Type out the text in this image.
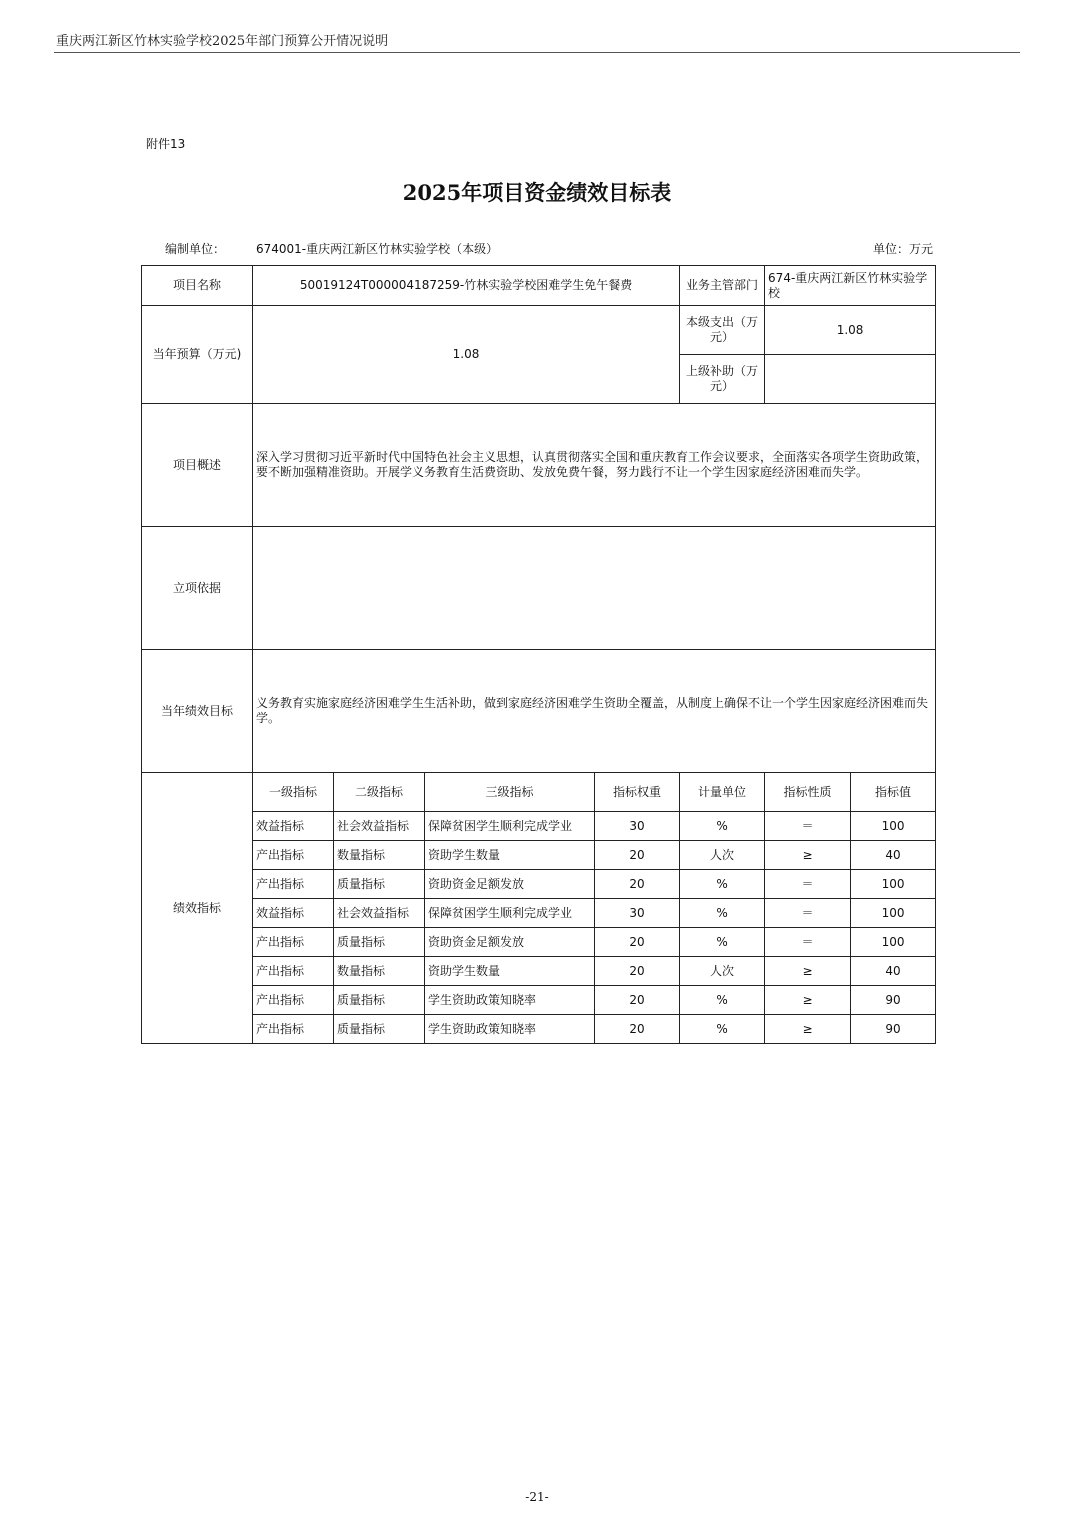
重庆两江新区竹林实验学校2025年部门预算公开情况说明
附件13
2025年项目资金绩效目标表
编制单位：	674001-重庆两江新区竹林实验学校（本级）	单位：万元
项目名称	50019124T000004187259-竹林实验学校困难学生免午餐费				业务主管部门	674-重庆两江新区竹林实验学校	
当年预算（万元)	1.08				本级支出（万元）	1.08	
					上级补助（万元）		
项目概述	深入学习贯彻习近平新时代中国特色社会主义思想，认真贯彻落实全国和重庆教育工作会议要求，全面落实各项学生资助政策，要不断加强精准资助。开展学义务教育生活费资助、发放免费午餐，努力践行不让一个学生因家庭经济困难而失学。						
立项依据							
当年绩效目标	义务教育实施家庭经济困难学生生活补助，做到家庭经济困难学生资助全覆盖，从制度上确保不让一个学生因家庭经济困难而失学。						
绩效指标	一级指标	二级指标	三级指标	指标权重	计量单位	指标性质	指标值
	效益指标	社会效益指标	保障贫困学生顺利完成学业	30	%	＝	100
	产出指标	数量指标	资助学生数量	20	人次	≥	40
	产出指标	质量指标	资助资金足额发放	20	%	＝	100
	效益指标	社会效益指标	保障贫困学生顺利完成学业	30	%	＝	100
	产出指标	质量指标	资助资金足额发放	20	%	＝	100
	产出指标	数量指标	资助学生数量	20	人次	≥	40
	产出指标	质量指标	学生资助政策知晓率	20	%	≥	90
	产出指标	质量指标	学生资助政策知晓率	20	%	≥	90
-21-
